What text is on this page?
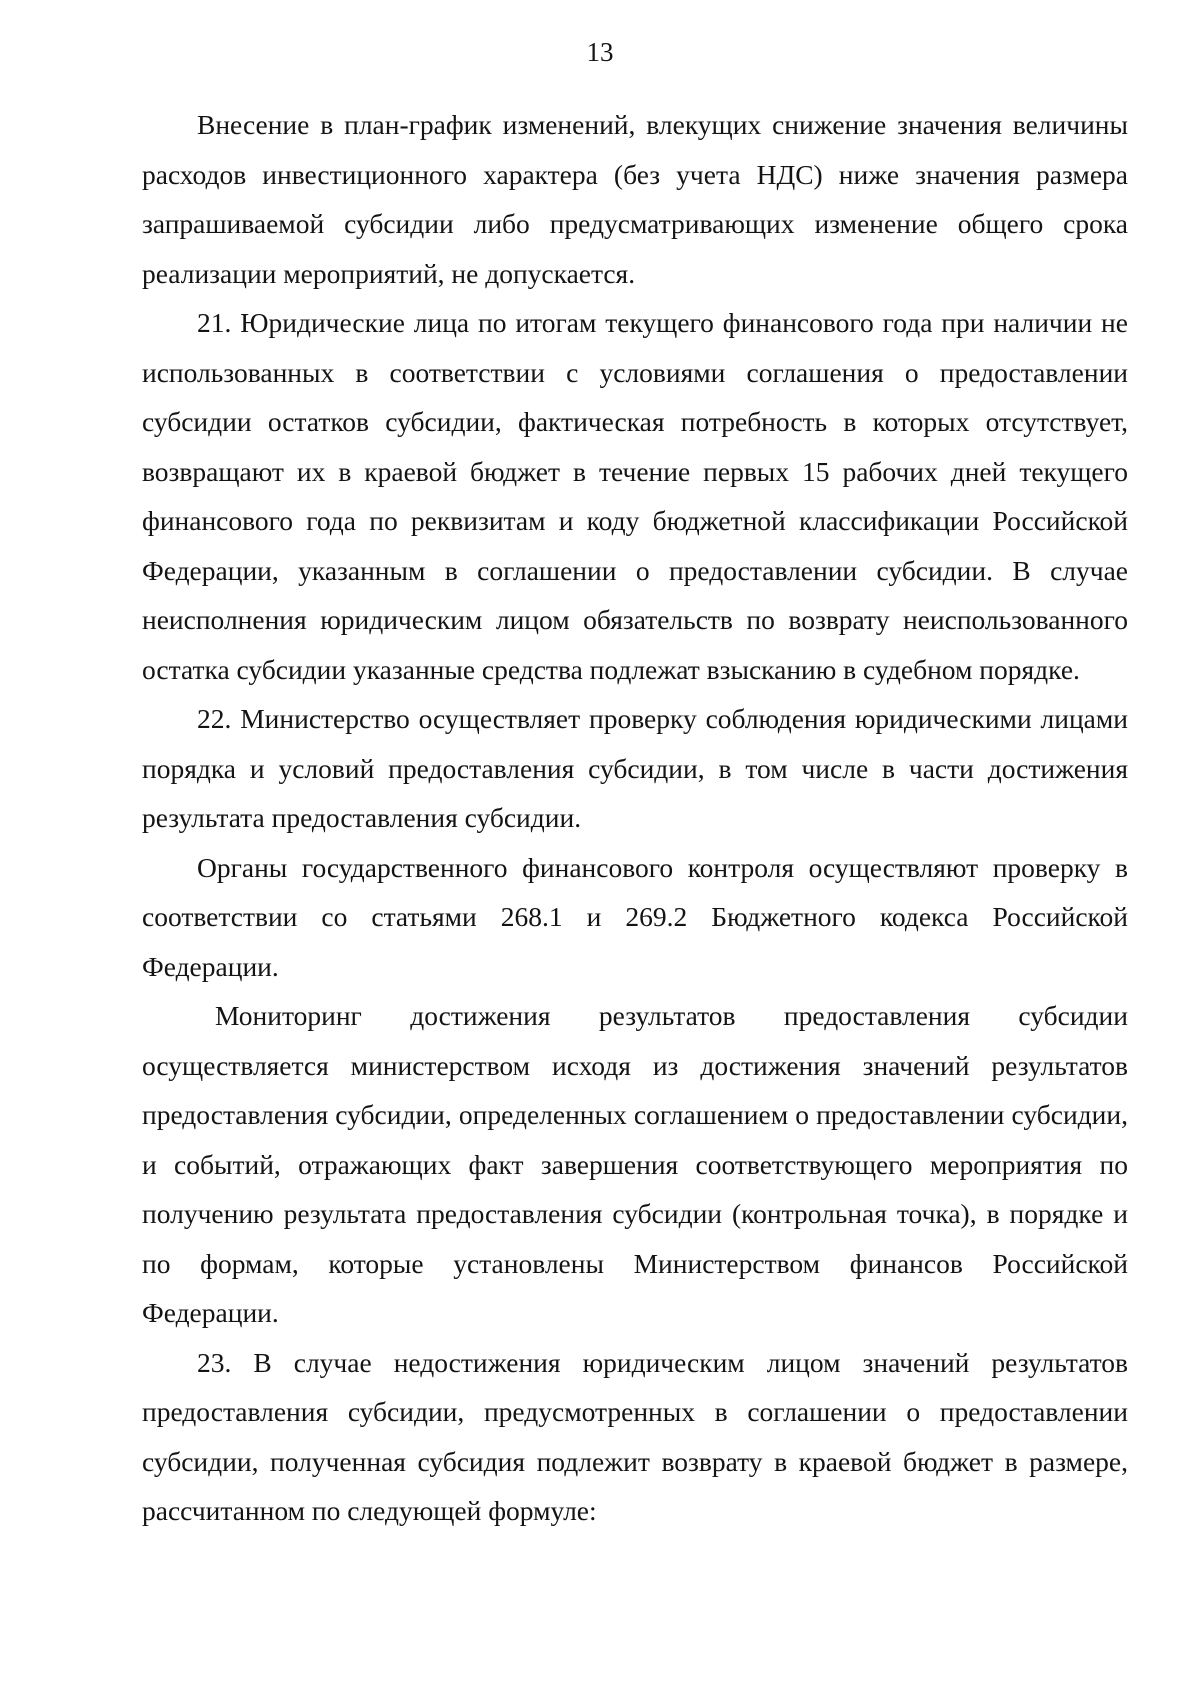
13

Внесение в план-график изменений, влекущих снижение значения величины расходов инвестиционного характера (без учета НДС) ниже значения размера запрашиваемой субсидии либо предусматривающих изменение общего срока реализации мероприятий, не допускается.

21. Юридические лица по итогам текущего финансового года при наличии не использованных в соответствии с условиями соглашения о предоставлении субсидии остатков субсидии, фактическая потребность в которых отсутствует, возвращают их в краевой бюджет в течение первых 15 рабочих дней текущего финансового года по реквизитам и коду бюджетной классификации Российской Федерации, указанным в соглашении о предоставлении субсидии. В случае неисполнения юридическим лицом обязательств по возврату неиспользованного остатка субсидии указанные средства подлежат взысканию в судебном порядке.

22. Министерство осуществляет проверку соблюдения юридическими лицами порядка и условий предоставления субсидии, в том числе в части достижения результата предоставления субсидии.

Органы государственного финансового контроля осуществляют проверку в соответствии со статьями 268.1 и 269.2 Бюджетного кодекса Российской Федерации.

Мониторинг достижения результатов предоставления субсидии осуществляется министерством исходя из достижения значений результатов предоставления субсидии, определенных соглашением о предоставлении субсидии, и событий, отражающих факт завершения соответствующего мероприятия по получению результата предоставления субсидии (контрольная точка), в порядке и по формам, которые установлены Министерством финансов Российской Федерации.

23. В случае недостижения юридическим лицом значений результатов предоставления субсидии, предусмотренных в соглашении о предоставлении субсидии, полученная субсидия подлежит возврату в краевой бюджет в размере, рассчитанном по следующей формуле:
